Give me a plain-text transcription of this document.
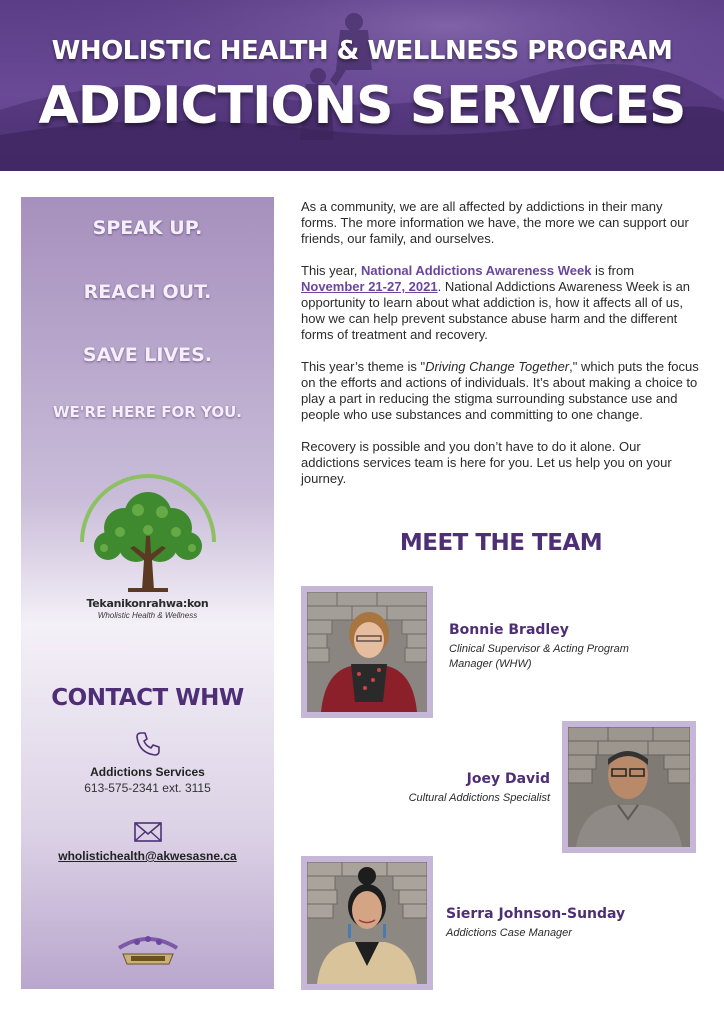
WHOLISTIC HEALTH & WELLNESS PROGRAM
ADDICTIONS SERVICES
SPEAK UP.
REACH OUT.
SAVE LIVES.
WE'RE HERE FOR YOU.
Tekanikonrahwa:kon
Wholistic Health & Wellness
CONTACT WHW
Addictions Services
613-575-2341 ext. 3115
wholistichealth@akwesasne.ca

As a community, we are all affected by addictions in their many forms. The more information we have, the more we can support our friends, our family, and ourselves.

This year, National Addictions Awareness Week is from November 21-27, 2021. National Addictions Awareness Week is an opportunity to learn about what addiction is, how it affects all of us, how we can help prevent substance abuse harm and the different forms of treatment and recovery.

This year’s theme is "Driving Change Together," which puts the focus on the efforts and actions of individuals. It’s about making a choice to play a part in reducing the stigma surrounding substance use and people who use substances and committing to one change.

Recovery is possible and you don’t have to do it alone. Our addictions services team is here for you. Let us help you on your journey.

MEET THE TEAM
Bonnie Bradley
Clinical Supervisor & Acting Program Manager (WHW)
Joey David
Cultural Addictions Specialist
Sierra Johnson-Sunday
Addictions Case Manager
